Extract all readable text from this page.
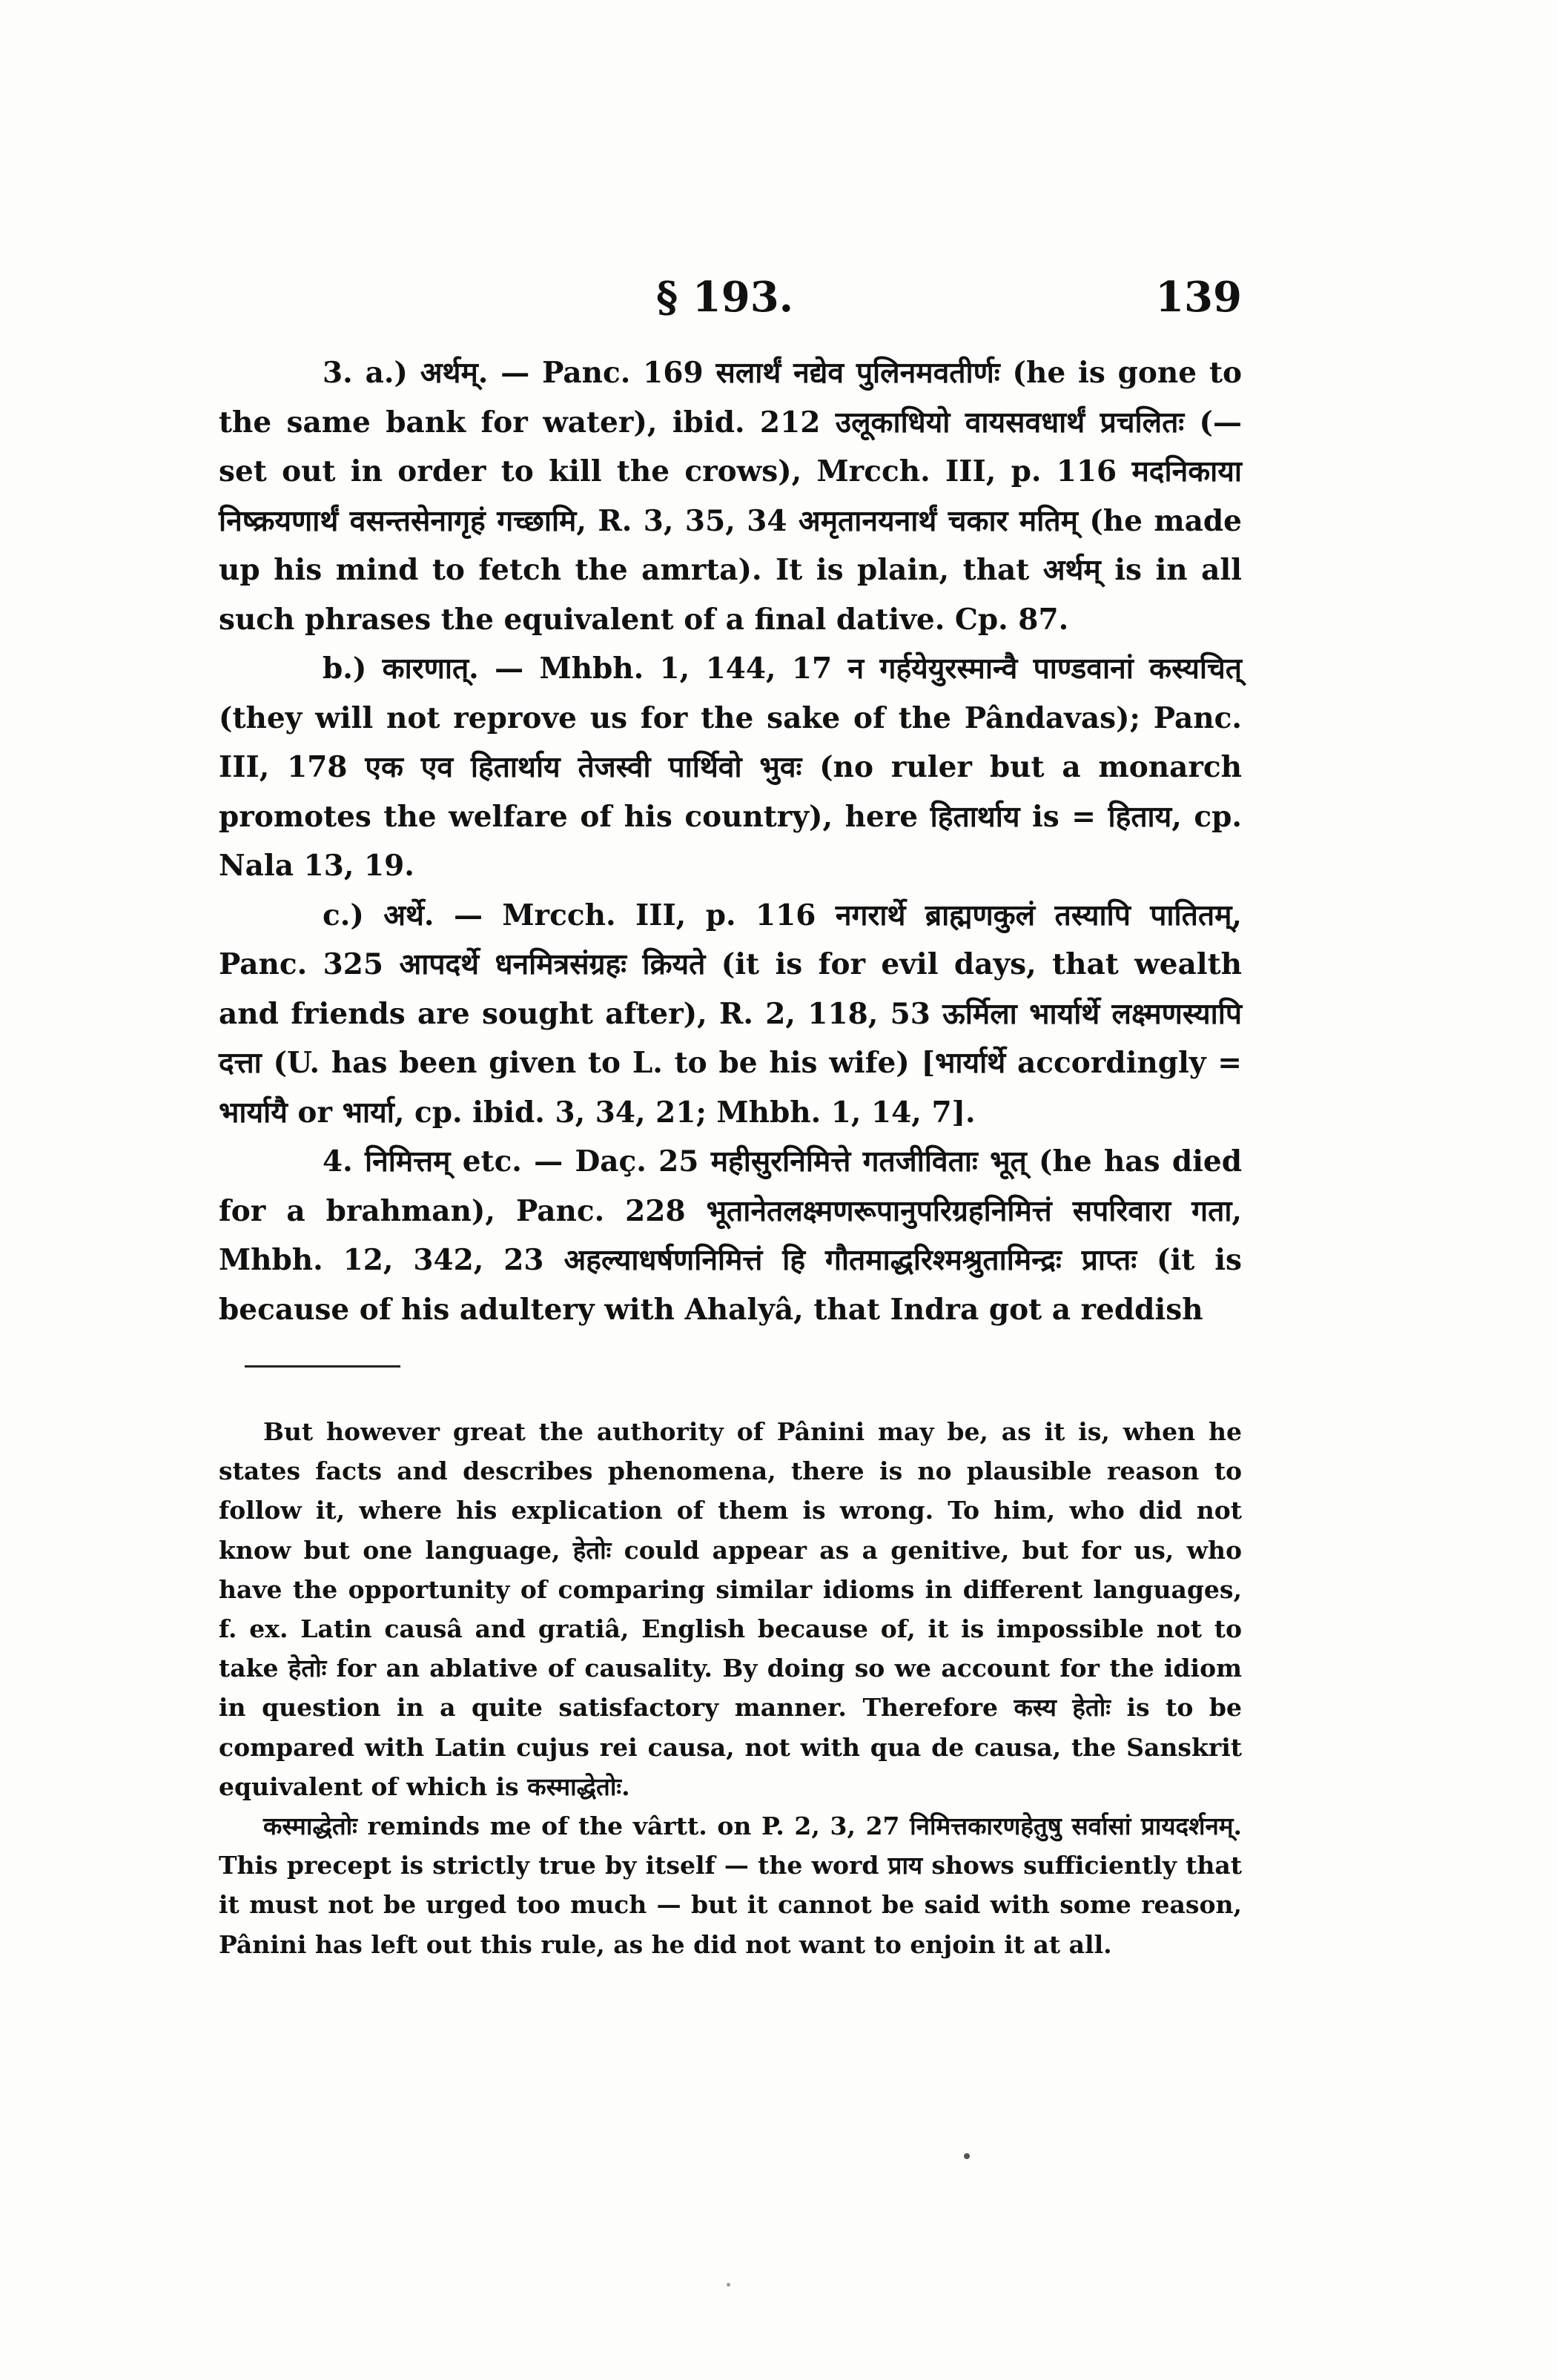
§ 193.	139

3. a.) अर्थम्. — Panc. 169 सलार्थं नद्येव पुलिनमवतीर्णः (he is gone to the same bank for water), ibid. 212 उलूकाधियो वायसवधार्थं प्रचलितः (— set out in order to kill the crows), Mrcch. III, p. 116 मदनिकाया निष्क्रयणार्थं वसन्तसेनागृहं गच्छामि, R. 3, 35, 34 अमृतानयनार्थं चकार मतिम् (he made up his mind to fetch the amrta). It is plain, that अर्थम् is in all such phrases the equivalent of a final dative. Cp. 87.

b.) कारणात्. — Mhbh. 1, 144, 17 न गर्हयेयुरस्मान्वै पाण्डवानां कस्यचित् (they will not reprove us for the sake of the Pândavas); Panc. III, 178 एक एव हितार्थाय तेजस्वी पार्थिवो भुवः (no ruler but a monarch promotes the welfare of his country), here हितार्थाय is = हिताय, cp. Nala 13, 19.

c.) अर्थे. — Mrcch. III, p. 116 नगरार्थे ब्राह्मणकुलं तस्यापि पातितम्, Panc. 325 आपदर्थे धनमित्रसंग्रहः क्रियते (it is for evil days, that wealth and friends are sought after), R. 2, 118, 53 ऊर्मिला भार्यार्थे लक्ष्मणस्यापि दत्ता (U. has been given to L. to be his wife) [भार्यार्थे accordingly = भार्यायै or भार्या, cp. ibid. 3, 34, 21; Mhbh. 1, 14, 7].

4. निमित्तम् etc. — Daç. 25 महीसुरनिमित्ते गतजीविताः भूत् (he has died for a brahman), Panc. 228 भूतानेतलक्ष्मणरूपानुपरिग्रहनिमित्तं सपरिवारा गता, Mhbh. 12, 342, 23 अहल्याधर्षणनिमित्तं हि गौतमाद्धरिश्मश्रुतामिन्द्रः प्राप्तः (it is because of his adultery with Ahalyâ, that Indra got a reddish

But however great the authority of Pânini may be, as it is, when he states facts and describes phenomena, there is no plausible reason to follow it, where his explication of them is wrong. To him, who did not know but one language, हेतोः could appear as a genitive, but for us, who have the opportunity of comparing similar idioms in different languages, f. ex. Latin causâ and gratiâ, English because of, it is impossible not to take हेतोः for an ablative of causality. By doing so we account for the idiom in question in a quite satisfactory manner. Therefore कस्य हेतोः is to be compared with Latin cujus rei causa, not with qua de causa, the Sanskrit equivalent of which is कस्माद्धेतोः.

कस्माद्धेतोः reminds me of the vârtt. on P. 2, 3, 27 निमित्तकारणहेतुषु सर्वासां प्रायदर्शनम्. This precept is strictly true by itself — the word प्राय shows sufficiently that it must not be urged too much — but it cannot be said with some reason, Pânini has left out this rule, as he did not want to enjoin it at all.
